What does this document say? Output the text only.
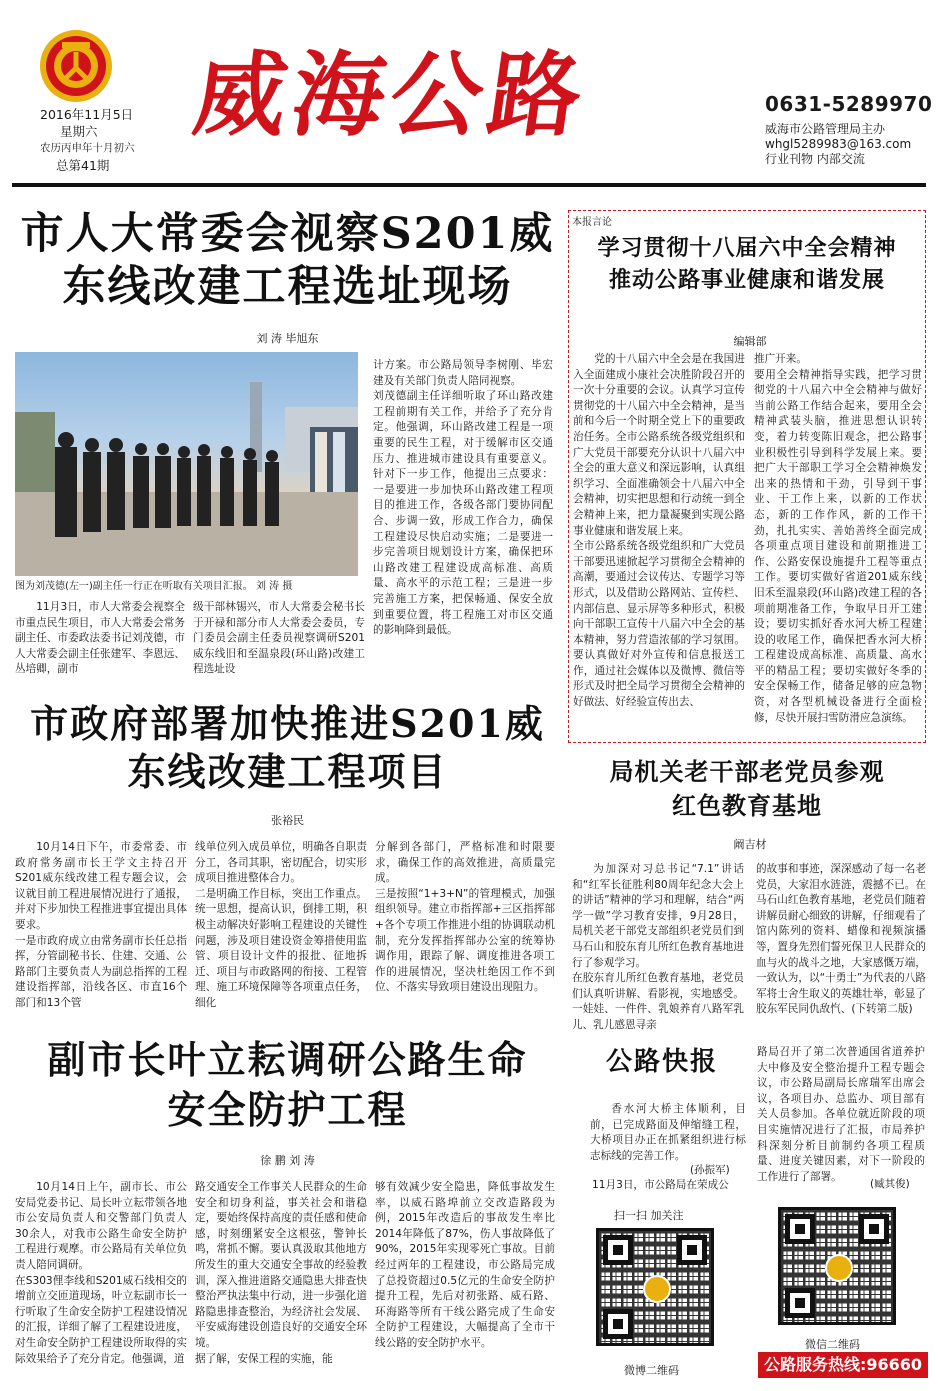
威海公路
2016年11月5日
星期六
农历丙申年十月初六
总第41期
0631-5289970
威海市公路管理局主办
whgl5289983@163.com
行业刊物 内部交流
市人大常委会视察S201威
东线改建工程选址现场
刘 涛 毕旭东
图为刘茂德(左一)副主任一行正在听取有关项目汇报。 刘 涛 摄
11月3日，市人大常委会视察全市重点民生项目，市人大常委会常务副主任、市委政法委书记刘茂德，市人大常委会副主任张建军、李恩远、丛培卿，副市
级干部林锡兴，市人大常委会秘书长于开禄和部分市人大常委会委员，专门委员会副主任委员视察调研S201威东线旧和至温泉段(环山路)改建工程选址设
计方案。市公路局领导李树刚、毕宏建及有关部门负责人陪同视察。
刘茂德副主任详细听取了环山路改建工程前期有关工作，并给予了充分肯定。他强调，环山路改建工程是一项重要的民生工程，对于缓解市区交通压力、推进城市建设具有重要意义。针对下一步工作，他提出三点要求：一是要进一步加快环山路改建工程项目的推进工作，各级各部门要协同配合、步调一致，形成工作合力，确保工程建设尽快启动实施；二是要进一步完善项目规划设计方案，确保把环山路改建工程建设成高标准、高质量、高水平的示范工程；三是进一步完善施工方案，把保畅通、保安全放到重要位置，将工程施工对市区交通的影响降到最低。
本报言论
学习贯彻十八届六中全会精神
推动公路事业健康和谐发展
编辑部
党的十八届六中全会是在我国进入全面建成小康社会决胜阶段召开的一次十分重要的会议。认真学习宣传贯彻党的十八届六中全会精神，是当前和今后一个时期全党上下的重要政治任务。全市公路系统各级党组织和广大党员干部要充分认识十八届六中全会的重大意义和深远影响，认真组织学习、全面准确领会十八届六中全会精神，切实把思想和行动统一到全会精神上来，把力量凝聚到实现公路事业健康和谐发展上来。
全市公路系统各级党组织和广大党员干部要迅速掀起学习贯彻全会精神的高潮，要通过会议传达、专题学习等形式，以及借助公路网站、宣传栏、内部信息、显示屏等多种形式，积极向干部职工宣传十八届六中全会的基本精神，努力营造浓郁的学习氛围。要认真做好对外宣传和信息报送工作，通过社会媒体以及微博、微信等形式及时把全局学习贯彻全会精神的好做法、好经验宣传出去、
推广开来。
要用全会精神指导实践，把学习贯彻党的十八届六中全会精神与做好当前公路工作结合起来，要用全会精神武装头脑，推进思想认识转变，着力转变陈旧观念，把公路事业积极性引导到科学发展上来。要把广大干部职工学习全会精神焕发出来的热情和干劲，引导到干事业、干工作上来，以新的工作状态，新的工作作风，新的工作干劲，扎扎实实、善始善终全面完成各项重点项目建设和前期推进工作、公路安保设施提升工程等重点工作。要切实做好省道201威东线旧禾至温泉段(环山路)改建工程的各项前期准备工作，争取早日开工建设；要切实抓好香水河大桥工程建设的收尾工作，确保把香水河大桥工程建设成高标准、高质量、高水平的精品工程；要切实做好冬季的安全保畅工作，储备足够的应急物资，对各型机械设备进行全面检修，尽快开展扫雪防滑应急演练。
市政府部署加快推进S201威
东线改建工程项目
张裕民
10月14日下午，市委常委、市政府常务副市长王学文主持召开S201威东线改建工程专题会议，会议就目前工程进展情况进行了通报，并对下步加快工程推进事宜提出具体要求。
一是市政府成立由常务副市长任总指挥，分管副秘书长、住建、交通、公路部门主要负责人为副总指挥的工程建设指挥部，沿线各区、市直16个部门和13个管
线单位列入成员单位，明确各自职责分工，各司其职，密切配合，切实形成项目推进整体合力。
二是明确工作目标，突出工作重点。统一思想，提高认识，倒排工期，积极主动解决好影响工程建设的关键性问题，涉及项目建设资金筹措使用监管、项目设计文件的报批、征地拆迁、项目与市政路网的衔接、工程管理、施工环境保障等各项重点任务，细化
分解到各部门，严格标准和时限要求，确保工作的高效推进，高质量完成。
三是按照“1+3+N”的管理模式，加强组织领导。建立市指挥部+三区指挥部+各个专项工作推进小组的协调联动机制，充分发挥指挥部办公室的统筹协调作用，跟踪了解、调度推进各项工作的进展情况，坚决杜绝因工作不到位、不落实导致项目建设出现阻力。
局机关老干部老党员参观
红色教育基地
阚吉材
为加深对习总书记“7.1”讲话和“红军长征胜利80周年纪念大会上的讲话”精神的学习和理解，结合“两学一做”学习教育安排，9月28日，局机关老干部党支部组织老党员们到马石山和胶东育儿所红色教育基地进行了参观学习。
在胶东育儿所红色教育基地，老党员们认真听讲解、看影视，实地感受。一娃娃、一件件、乳娘养育八路军乳儿、乳儿感恩寻亲
的故事和事迹，深深感动了每一名老党员，大家泪水涟涟，震撼不已。在马石山红色教育基地，老党员们随着讲解员耐心细致的讲解，仔细观看了馆内陈列的资料、蜡像和视频演播等，置身先烈们誓死保卫人民群众的血与火的战斗之地，大家感慨万端，一致认为，以“十勇士”为代表的八路军将士舍生取义的英雄壮举，彰显了胶东军民同仇敌忾、(下转第二版)
副市长叶立耘调研公路生命
安全防护工程
徐 鹏 刘 涛
10月14日上午，副市长、市公安局党委书记、局长叶立耘带领各地市公安局负责人和交警部门负责人30余人，对我市公路生命安全防护工程进行观摩。市公路局有关单位负责人陪同调研。
在S303俚李线和S201威石线相交的增前立交匝道现场，叶立耘副市长一行听取了生命安全防护工程建设情况的汇报，详细了解了工程建设进度，对生命安全防护工程建设所取得的实际效果给予了充分肯定。他强调，道
路交通安全工作事关人民群众的生命安全和切身利益，事关社会和谐稳定，要始终保持高度的责任感和使命感，时刻绷紧安全这根弦，警钟长鸣，常抓不懈。要认真汲取其他地方所发生的重大交通安全事故的经验教训，深入推进道路交通隐患大排查快整治严执法集中行动，进一步强化道路隐患排查整治，为经济社会发展、平安威海建设创造良好的交通安全环境。
据了解，安保工程的实施，能
够有效减少安全隐患，降低事故发生率，以威石路埠前立交改造路段为例，2015年改造后的事故发生率比2014年降低了87%，伤人事故降低了90%，2015年实现零死亡事故。目前经过两年的工程建设，市公路局完成了总投资超过0.5亿元的生命安全防护提升工程，先后对初张路、威石路、环海路等所有干线公路完成了生命安全防护工程建设，大幅提高了全市干线公路的安全防护水平。
公路快报
香水河大桥主体顺利，目前，已完成路面及伸缩缝工程，大桥项目办正在抓紧组织进行标志标线的完善工作。
(孙振军)
11月3日，市公路局在荣成公
路局召开了第二次普通国省道养护大中修及安全整治提升工程专题会议，市公路局副局长席瑞军出席会议，各项目办、总监办、项目部有关人员参加。各单位就近阶段的项目实施情况进行了汇报，市局养护科深刻分析目前制约各项工程质量、进度关键因素，对下一阶段的工作进行了部署。
(臧其俊)
扫一扫 加关注
微博二维码
微信二维码
公路服务热线:96660
